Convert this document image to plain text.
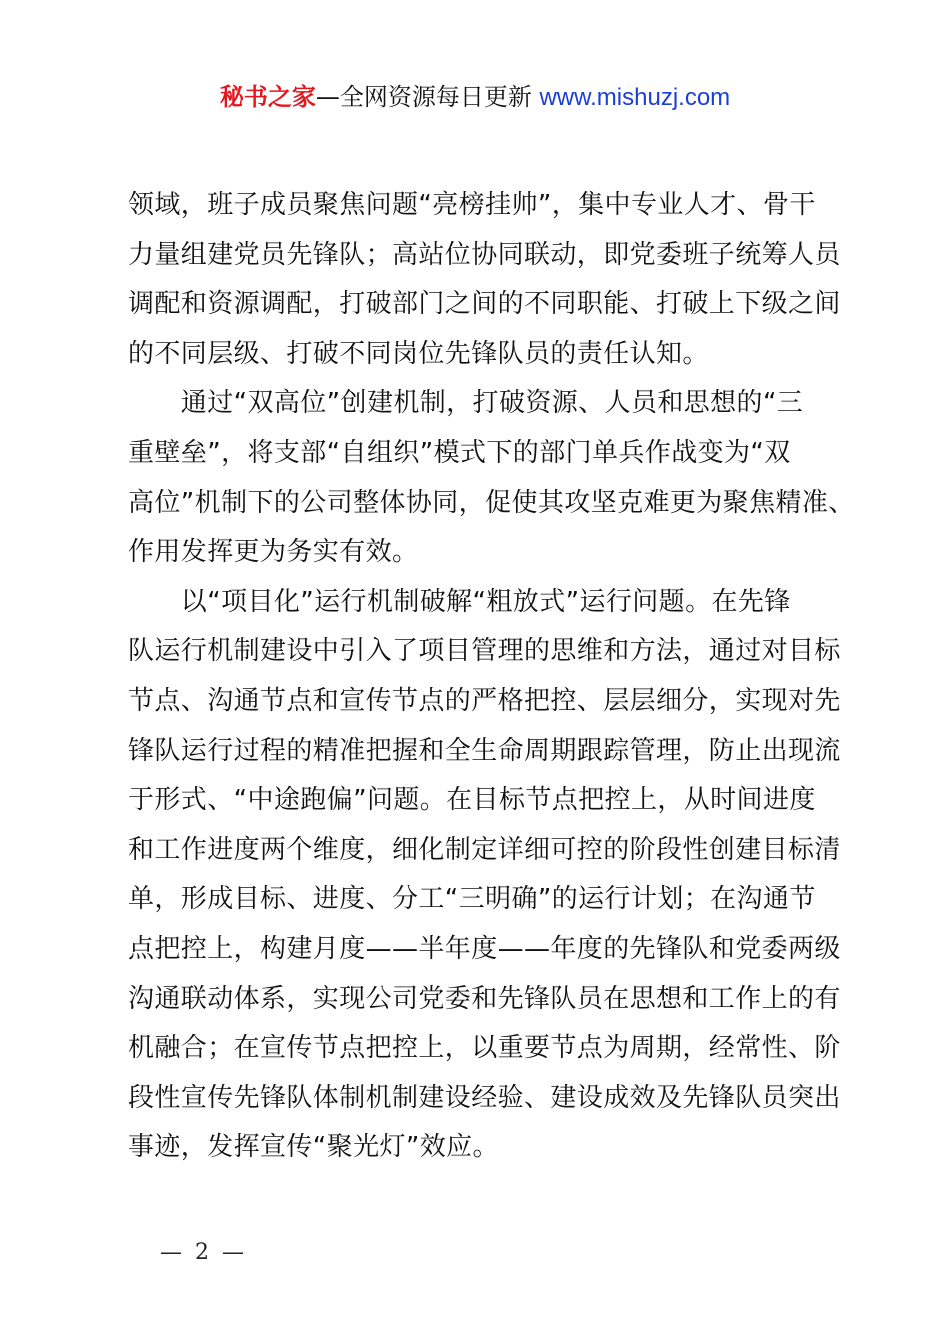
秘书之家—全网资源每日更新 www.mishuzj.com
领域，班子成员聚焦问题“亮榜挂帅”，集中专业人才、骨干
力量组建党员先锋队；高站位协同联动，即党委班子统筹人员
调配和资源调配，打破部门之间的不同职能、打破上下级之间
的不同层级、打破不同岗位先锋队员的责任认知。
　　通过“双高位”创建机制，打破资源、人员和思想的“三
重壁垒”，将支部“自组织”模式下的部门单兵作战变为“双
高位”机制下的公司整体协同，促使其攻坚克难更为聚焦精准、
作用发挥更为务实有效。
　　以“项目化”运行机制破解“粗放式”运行问题。在先锋
队运行机制建设中引入了项目管理的思维和方法，通过对目标
节点、沟通节点和宣传节点的严格把控、层层细分，实现对先
锋队运行过程的精准把握和全生命周期跟踪管理，防止出现流
于形式、“中途跑偏”问题。在目标节点把控上，从时间进度
和工作进度两个维度，细化制定详细可控的阶段性创建目标清
单，形成目标、进度、分工“三明确”的运行计划；在沟通节
点把控上，构建月度——半年度——年度的先锋队和党委两级
沟通联动体系，实现公司党委和先锋队员在思想和工作上的有
机融合；在宣传节点把控上，以重要节点为周期，经常性、阶
段性宣传先锋队体制机制建设经验、建设成效及先锋队员突出
事迹，发挥宣传“聚光灯”效应。
— 2 —
